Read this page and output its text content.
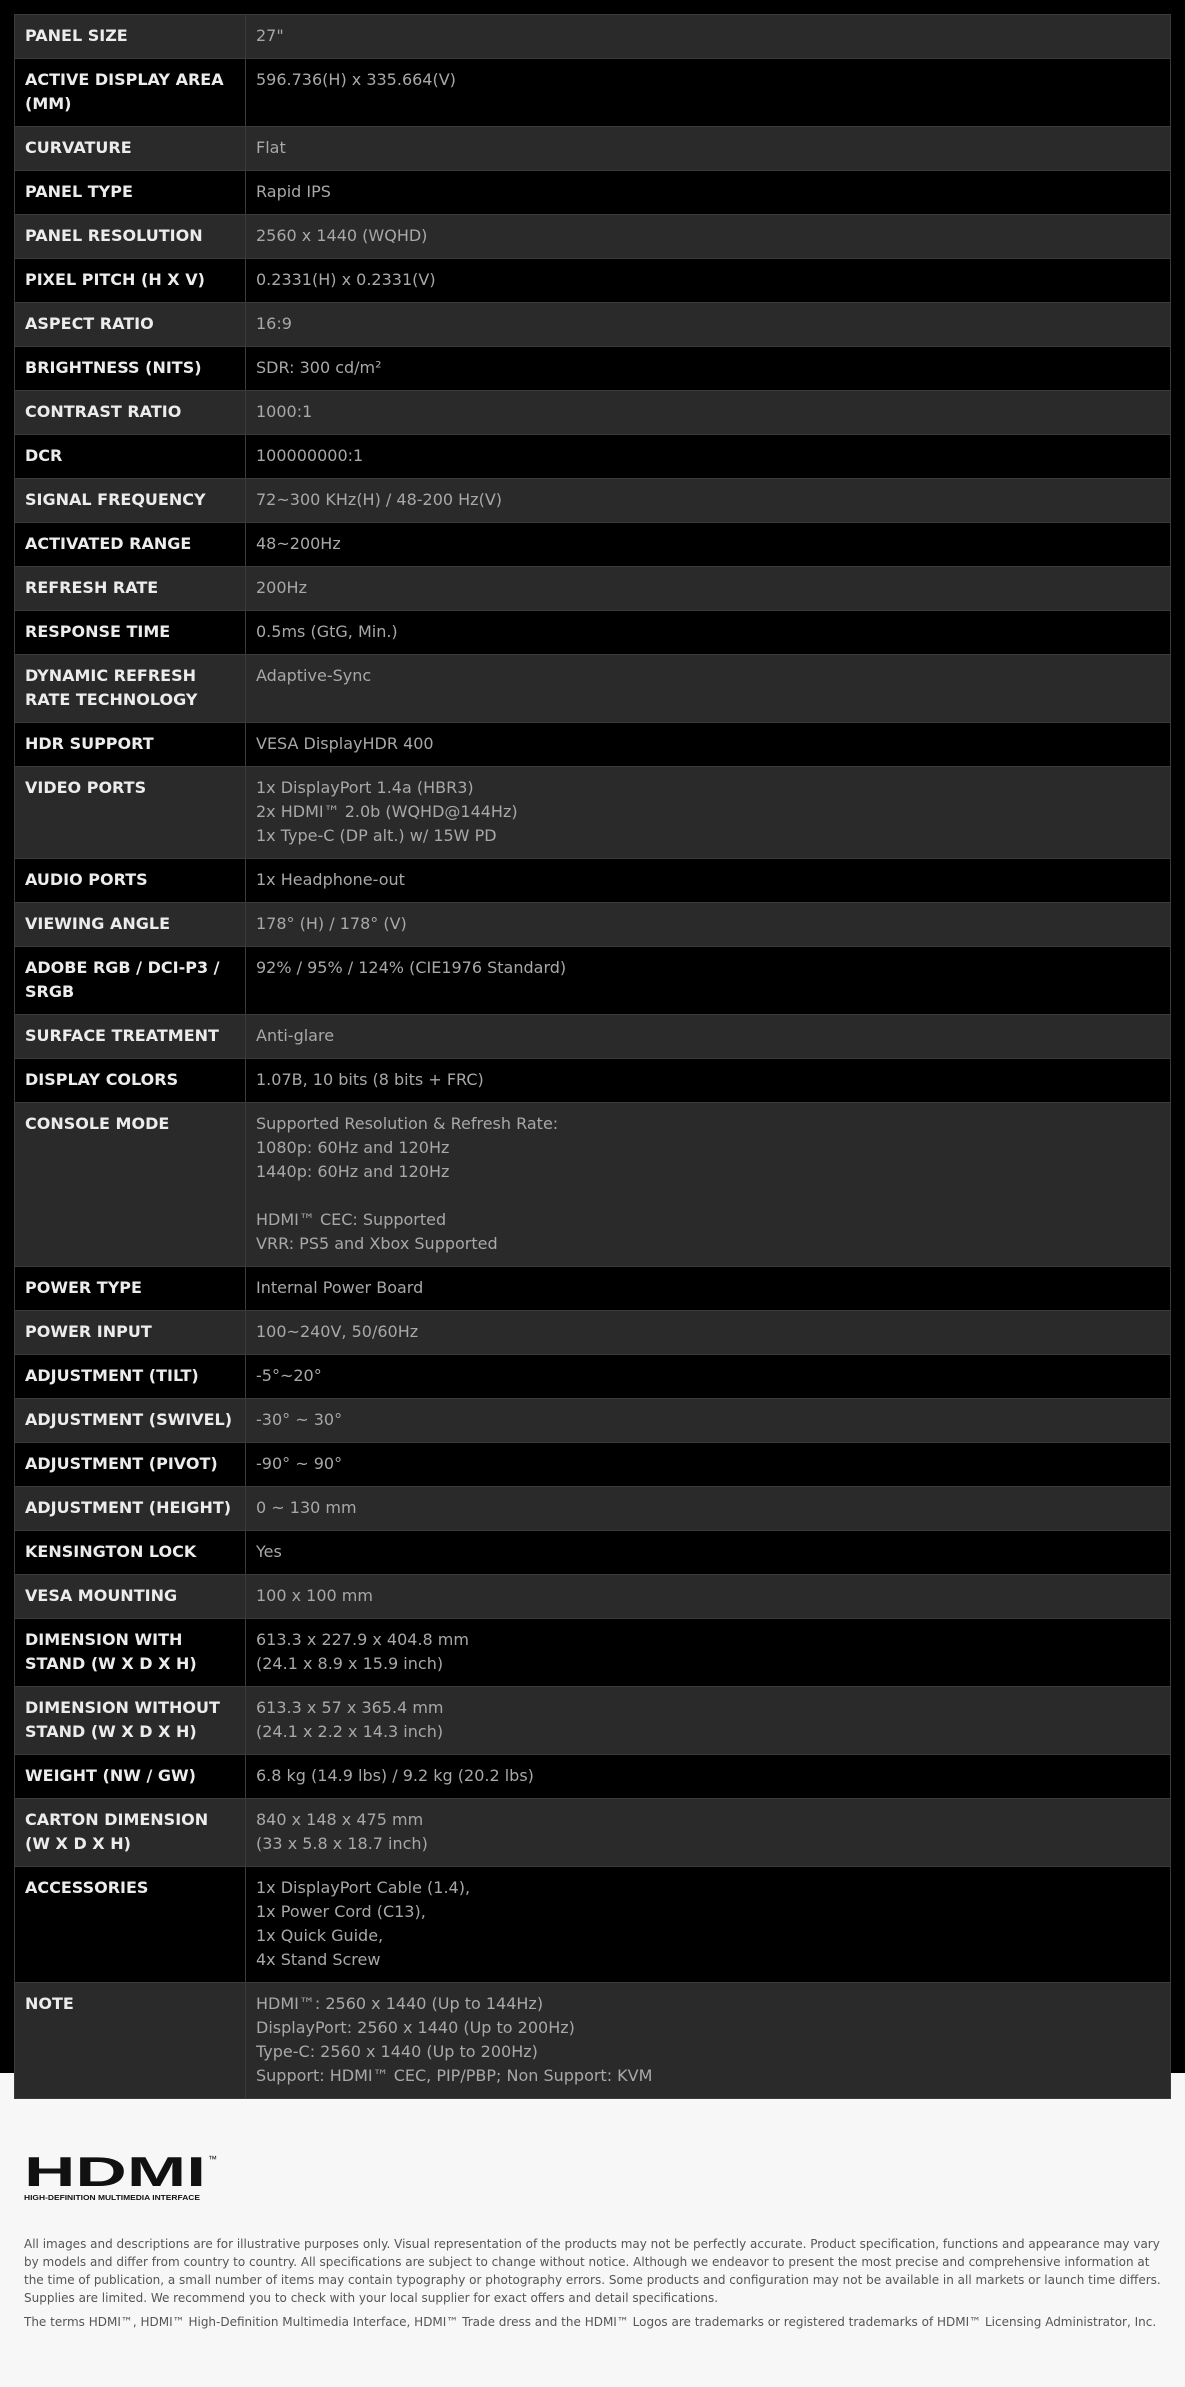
PANEL SIZE	27"
ACTIVE DISPLAY AREA (MM)	596.736(H) x 335.664(V)
CURVATURE	Flat
PANEL TYPE	Rapid IPS
PANEL RESOLUTION	2560 x 1440 (WQHD)
PIXEL PITCH (H X V)	0.2331(H) x 0.2331(V)
ASPECT RATIO	16:9
BRIGHTNESS (NITS)	SDR: 300 cd/m²
CONTRAST RATIO	1000:1
DCR	100000000:1
SIGNAL FREQUENCY	72~300 KHz(H) / 48-200 Hz(V)
ACTIVATED RANGE	48~200Hz
REFRESH RATE	200Hz
RESPONSE TIME	0.5ms (GtG, Min.)
DYNAMIC REFRESH RATE TECHNOLOGY	Adaptive-Sync
HDR SUPPORT	VESA DisplayHDR 400
VIDEO PORTS	1x DisplayPort 1.4a (HBR3)
2x HDMI™ 2.0b (WQHD@144Hz)
1x Type-C (DP alt.) w/ 15W PD
AUDIO PORTS	1x Headphone-out
VIEWING ANGLE	178° (H) / 178° (V)
ADOBE RGB / DCI-P3 / SRGB	92% / 95% / 124% (CIE1976 Standard)
SURFACE TREATMENT	Anti-glare
DISPLAY COLORS	1.07B, 10 bits (8 bits + FRC)
CONSOLE MODE	Supported Resolution & Refresh Rate:
1080p: 60Hz and 120Hz
1440p: 60Hz and 120Hz

HDMI™ CEC: Supported
VRR: PS5 and Xbox Supported
POWER TYPE	Internal Power Board
POWER INPUT	100~240V, 50/60Hz
ADJUSTMENT (TILT)	-5°~20°
ADJUSTMENT (SWIVEL)	-30° ~ 30°
ADJUSTMENT (PIVOT)	-90° ~ 90°
ADJUSTMENT (HEIGHT)	0 ~ 130 mm
KENSINGTON LOCK	Yes
VESA MOUNTING	100 x 100 mm
DIMENSION WITH STAND (W X D X H)	613.3 x 227.9 x 404.8 mm
(24.1 x 8.9 x 15.9 inch)
DIMENSION WITHOUT STAND (W X D X H)	613.3 x 57 x 365.4 mm
(24.1 x 2.2 x 14.3 inch)
WEIGHT (NW / GW)	6.8 kg (14.9 lbs) / 9.2 kg (20.2 lbs)
CARTON DIMENSION (W X D X H)	840 x 148 x 475 mm
(33 x 5.8 x 18.7 inch)
ACCESSORIES	1x DisplayPort Cable (1.4),
1x Power Cord (C13),
1x Quick Guide,
4x Stand Screw
NOTE	HDMI™: 2560 x 1440 (Up to 144Hz)
DisplayPort: 2560 x 1440 (Up to 200Hz)
Type-C: 2560 x 1440 (Up to 200Hz)
Support: HDMI™ CEC, PIP/PBP; Non Support: KVM
HDMI ™
HIGH-DEFINITION MULTIMEDIA INTERFACE
All images and descriptions are for illustrative purposes only. Visual representation of the products may not be perfectly accurate. Product specification, functions and appearance may vary by models and differ from country to country. All specifications are subject to change without notice. Although we endeavor to present the most precise and comprehensive information at the time of publication, a small number of items may contain typography or photography errors. Some products and configuration may not be available in all markets or launch time differs. Supplies are limited. We recommend you to check with your local supplier for exact offers and detail specifications.
The terms HDMI™, HDMI™ High-Definition Multimedia Interface, HDMI™ Trade dress and the HDMI™ Logos are trademarks or registered trademarks of HDMI™ Licensing Administrator, Inc.
